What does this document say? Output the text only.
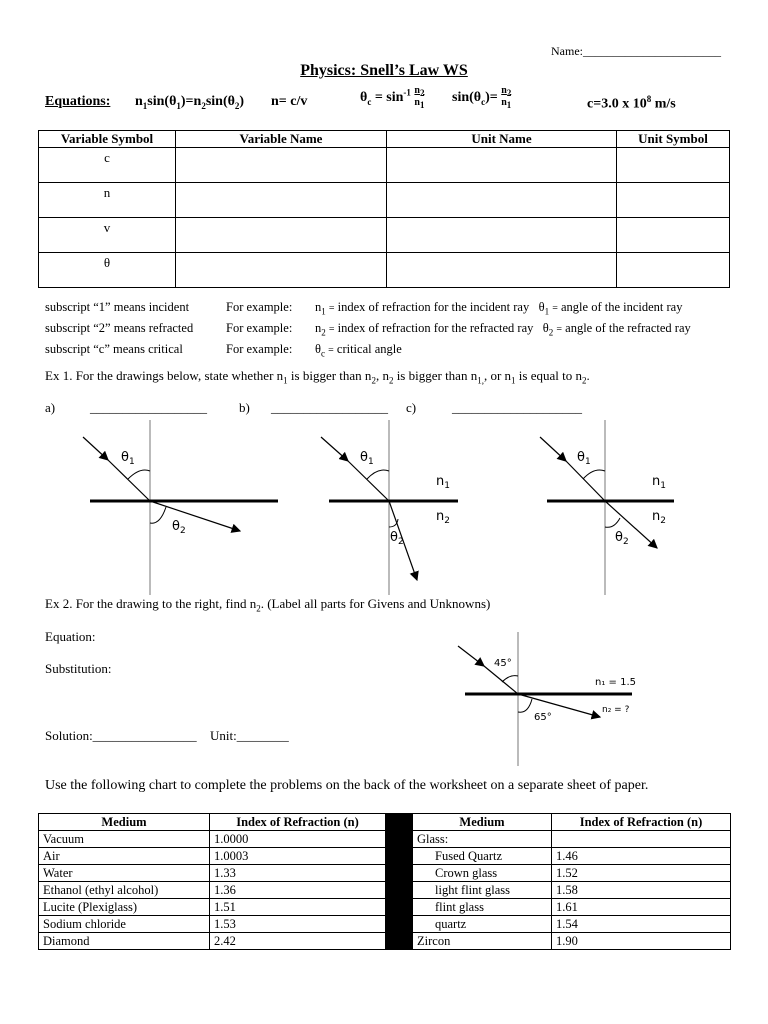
Name:_______________________
Physics: Snell’s Law WS
Equations: $n_1\sin(\theta_1)=n_2\sin(\theta_2)$ n= c/v	$\theta_c = \sin^{-1} \frac{n_2}{n_1} \sin(\theta_c)= \frac{n_2}{n_1}$	c=3.0 x $10^8$ m/s
Variable Symbol	Variable Name	Unit Name	Unit Symbol
c			
n			
v			
θ			
subscript “1” means incident	For example: $n_1$ = index of refraction for the incident ray   $\theta_1$ = angle of the incident ray
subscript “2” means refracted	For example: $n_2$ = index of refraction for the refracted ray   $\theta_2$ = angle of the refracted ray
subscript “c” means critical	For example: $\theta_c$ = critical angle
Ex 1. For the drawings below, state whether $n_1$ is bigger than $n_2$, $n_2$ is bigger than $n_{1,}$, or $n_1$ is equal to $n_2$.
a)	__________________ b) __________________ c)	____________________
$\theta_1$
$\theta_2$
$\theta_1$
$\theta_2$
$n_1$
$n_2$
$\theta_1$
$\theta_2$
$n_1$
$n_2$
Ex 2. For the drawing to the right, find $n_2$. (Label all parts for Givens and Unknowns)
Equation:
Substitution:
Solution:________________ Unit:________
45°
65°
n₁ = 1.5
n₂ = ?
Use the following chart to complete the problems on the back of the worksheet on a separate sheet of paper.
Medium	Index of Refraction (n)		Medium	Index of Refraction (n)
Vacuum	1.0000		Glass:	
Air	1.0003		Fused Quartz	1.46
Water	1.33		Crown glass	1.52
Ethanol (ethyl alcohol)	1.36		light flint glass	1.58
Lucite (Plexiglass)	1.51		flint glass	1.61
Sodium chloride	1.53		quartz	1.54
Diamond	2.42		Zircon	1.90
